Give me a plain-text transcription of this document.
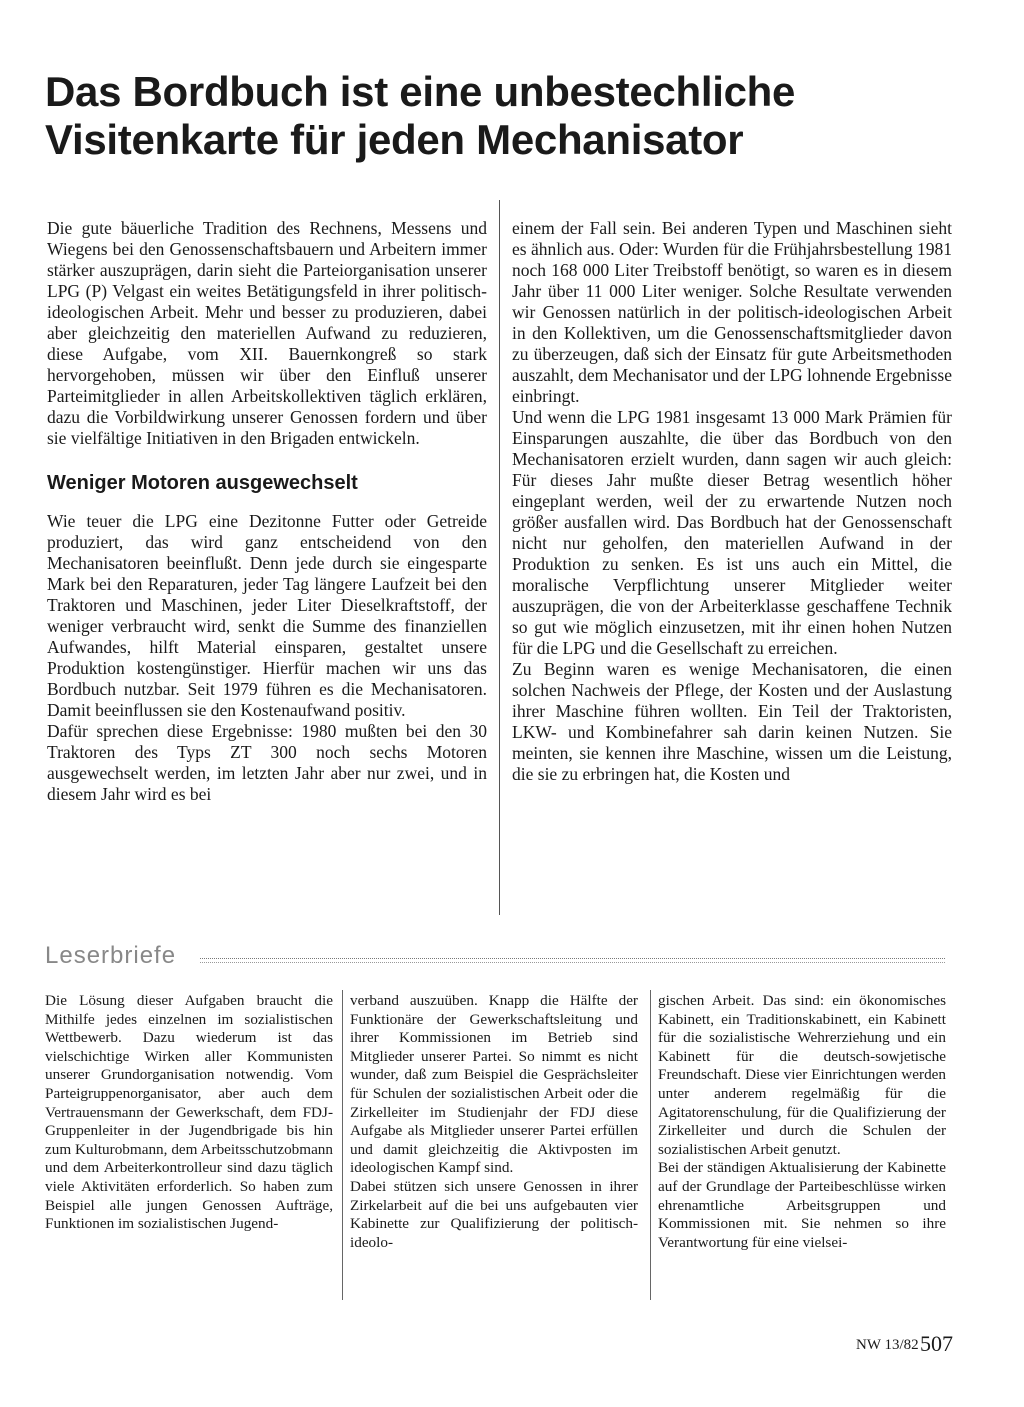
Das Bordbuch ist eine unbestechliche Visitenkarte für jeden Mechanisator

Die gute bäuerliche Tradition des Rechnens, Messens und Wiegens bei den Genossenschaftsbauern und Arbeitern immer stärker auszuprägen, darin sieht die Parteiorganisation unserer LPG (P) Velgast ein weites Betätigungsfeld in ihrer politisch-ideologischen Arbeit. Mehr und besser zu produzieren, dabei aber gleichzeitig den materiellen Aufwand zu reduzieren, diese Aufgabe, vom XII. Bauernkongreß so stark hervorgehoben, müssen wir über den Einfluß unserer Parteimitglieder in allen Arbeitskollektiven täglich erklären, dazu die Vorbildwirkung unserer Genossen fordern und über sie vielfältige Initiativen in den Brigaden entwickeln.

Weniger Motoren ausgewechselt

Wie teuer die LPG eine Dezitonne Futter oder Getreide produziert, das wird ganz entscheidend von den Mechanisatoren beeinflußt. Denn jede durch sie eingesparte Mark bei den Reparaturen, jeder Tag längere Laufzeit bei den Traktoren und Maschinen, jeder Liter Dieselkraftstoff, der weniger verbraucht wird, senkt die Summe des finanziellen Aufwandes, hilft Material einsparen, gestaltet unsere Produktion kostengünstiger. Hierfür machen wir uns das Bordbuch nutzbar. Seit 1979 führen es die Mechanisatoren. Damit beeinflussen sie den Kostenaufwand positiv.

Dafür sprechen diese Ergebnisse: 1980 mußten bei den 30 Traktoren des Typs ZT 300 noch sechs Motoren ausgewechselt werden, im letzten Jahr aber nur zwei, und in diesem Jahr wird es bei

einem der Fall sein. Bei anderen Typen und Maschinen sieht es ähnlich aus. Oder: Wurden für die Frühjahrsbestellung 1981 noch 168 000 Liter Treibstoff benötigt, so waren es in diesem Jahr über 11 000 Liter weniger. Solche Resultate verwenden wir Genossen natürlich in der politisch-ideologischen Arbeit in den Kollektiven, um die Genossenschaftsmitglieder davon zu überzeugen, daß sich der Einsatz für gute Arbeitsmethoden auszahlt, dem Mechanisator und der LPG lohnende Ergebnisse einbringt.

Und wenn die LPG 1981 insgesamt 13 000 Mark Prämien für Einsparungen auszahlte, die über das Bordbuch von den Mechanisatoren erzielt wurden, dann sagen wir auch gleich: Für dieses Jahr mußte dieser Betrag wesentlich höher eingeplant werden, weil der zu erwartende Nutzen noch größer ausfallen wird. Das Bordbuch hat der Genossenschaft nicht nur geholfen, den materiellen Aufwand in der Produktion zu senken. Es ist uns auch ein Mittel, die moralische Verpflichtung unserer Mitglieder weiter auszuprägen, die von der Arbeiterklasse geschaffene Technik so gut wie möglich einzusetzen, mit ihr einen hohen Nutzen für die LPG und die Gesellschaft zu erreichen.

Zu Beginn waren es wenige Mechanisatoren, die einen solchen Nachweis der Pflege, der Kosten und der Auslastung ihrer Maschine führen wollten. Ein Teil der Traktoristen, LKW- und Kombinefahrer sah darin keinen Nutzen. Sie meinten, sie kennen ihre Maschine, wissen um die Leistung, die sie zu erbringen hat, die Kosten und

Leserbriefe

Die Lösung dieser Aufgaben braucht die Mithilfe jedes einzelnen im sozialistischen Wettbewerb. Dazu wiederum ist das vielschichtige Wirken aller Kommunisten unserer Grundorganisation notwendig. Vom Parteigruppenorganisator, aber auch dem Vertrauensmann der Gewerkschaft, dem FDJ-Gruppenleiter in der Jugendbrigade bis hin zum Kulturobmann, dem Arbeitsschutzobmann und dem Arbeiterkontrolleur sind dazu täglich viele Aktivitäten erforderlich. So haben zum Beispiel alle jungen Genossen Aufträge, Funktionen im sozialistischen Jugend-

verband auszuüben. Knapp die Hälfte der Funktionäre der Gewerkschaftsleitung und ihrer Kommissionen im Betrieb sind Mitglieder unserer Partei. So nimmt es nicht wunder, daß zum Beispiel die Gesprächsleiter für Schulen der sozialistischen Arbeit oder die Zirkelleiter im Studienjahr der FDJ diese Aufgabe als Mitglieder unserer Partei erfüllen und damit gleichzeitig die Aktivposten im ideologischen Kampf sind.

Dabei stützen sich unsere Genossen in ihrer Zirkelarbeit auf die bei uns aufgebauten vier Kabinette zur Qualifizierung der politisch-ideolo-

gischen Arbeit. Das sind: ein ökonomisches Kabinett, ein Traditionskabinett, ein Kabinett für die sozialistische Wehrerziehung und ein Kabinett für die deutsch-sowjetische Freundschaft. Diese vier Einrichtungen werden unter anderem regelmäßig für die Agitatorenschulung, für die Qualifizierung der Zirkelleiter und durch die Schulen der sozialistischen Arbeit genutzt.

Bei der ständigen Aktualisierung der Kabinette auf der Grundlage der Parteibeschlüsse wirken ehrenamtliche Arbeitsgruppen und Kommissionen mit. Sie nehmen so ihre Verantwortung für eine vielsei-

NW 13/82 507
